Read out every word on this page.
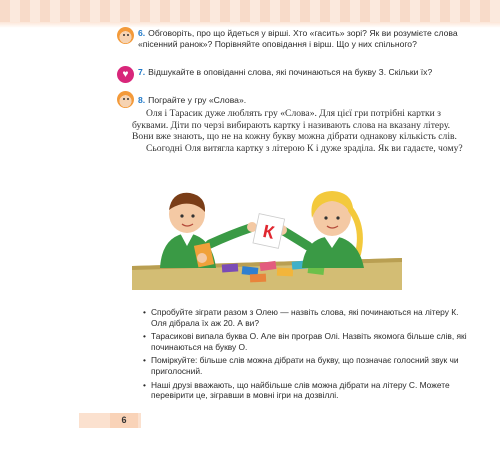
6. Обговоріть, про що йдеться у вірші. Хто «гасить» зорі? Як ви розумієте слова «пісенний ранок»? Порівняйте оповідання і вірш. Що у них спільного?
♥	7. Відшукайте в оповіданні слова, які починаються на букву З. Скільки їх?
8. Пограйте у гру «Слова».

Оля і Тарасик дуже люблять гру «Слова». Для цієї гри потрібні картки з буквами. Діти по черзі вибирають картку і називають слова на вказану літеру. Вони вже знають, що не на кожну букву можна дібрати однакову кількість слів.

Сьогодні Оля витягла картку з літерою К і дуже зраділа. Як ви гадаєте, чому?

К
• Спробуйте зіграти разом з Олею — назвіть слова, які починаються на літеру К. Оля дібрала їх аж 20. А ви?
• Тарасикові випала буква О. Але він програв Олі. Назвіть якомога більше слів, які починаються на букву О.
• Поміркуйте: більше слів можна дібрати на букву, що позначає голосний звук чи приголосний.
• Наші друзі вважають, що найбільше слів можна дібрати на літеру С. Можете перевірити це, зігравши в мовні ігри на дозвіллі.
6
